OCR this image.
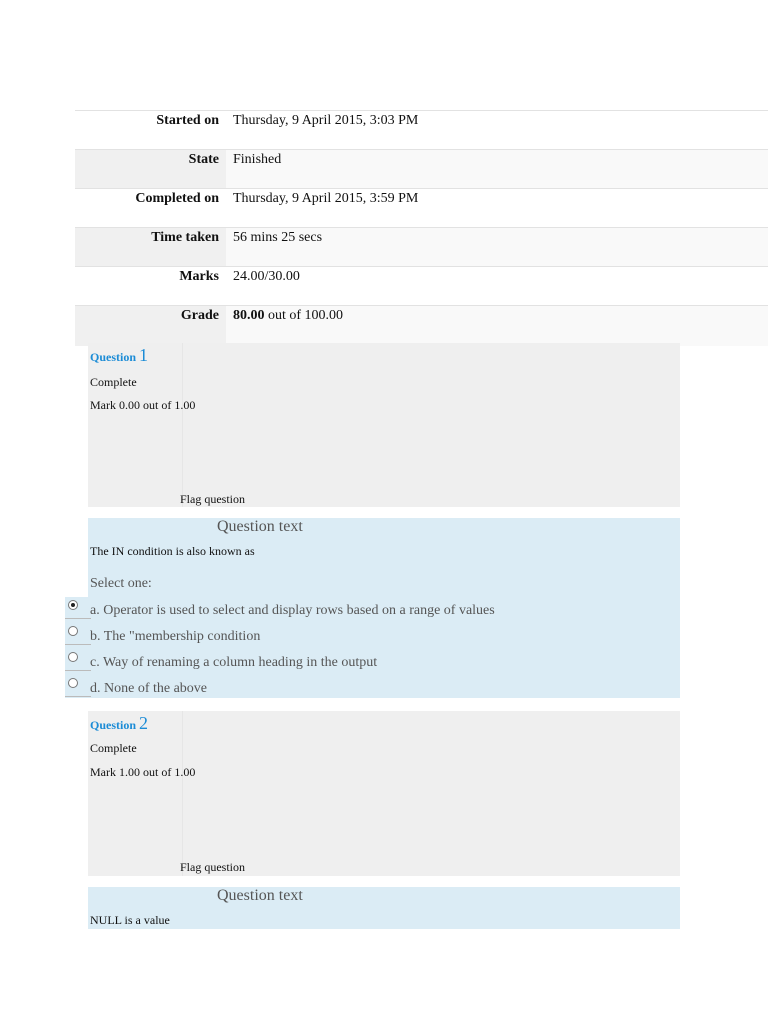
Started on Thursday, 9 April 2015, 3:03 PM
State Finished
Completed on Thursday, 9 April 2015, 3:59 PM
Time taken 56 mins 25 secs
Marks 24.00/30.00
Grade 80.00 out of 100.00
Question 1
Complete
Mark 0.00 out of 1.00
Flag question
Question text
The IN condition is also known as
Select one:
a. Operator is used to select and display rows based on a range of values
b. The "membership condition
c. Way of renaming a column heading in the output
d. None of the above
Question 2
Complete
Mark 1.00 out of 1.00
Flag question
Question text
NULL is a value
